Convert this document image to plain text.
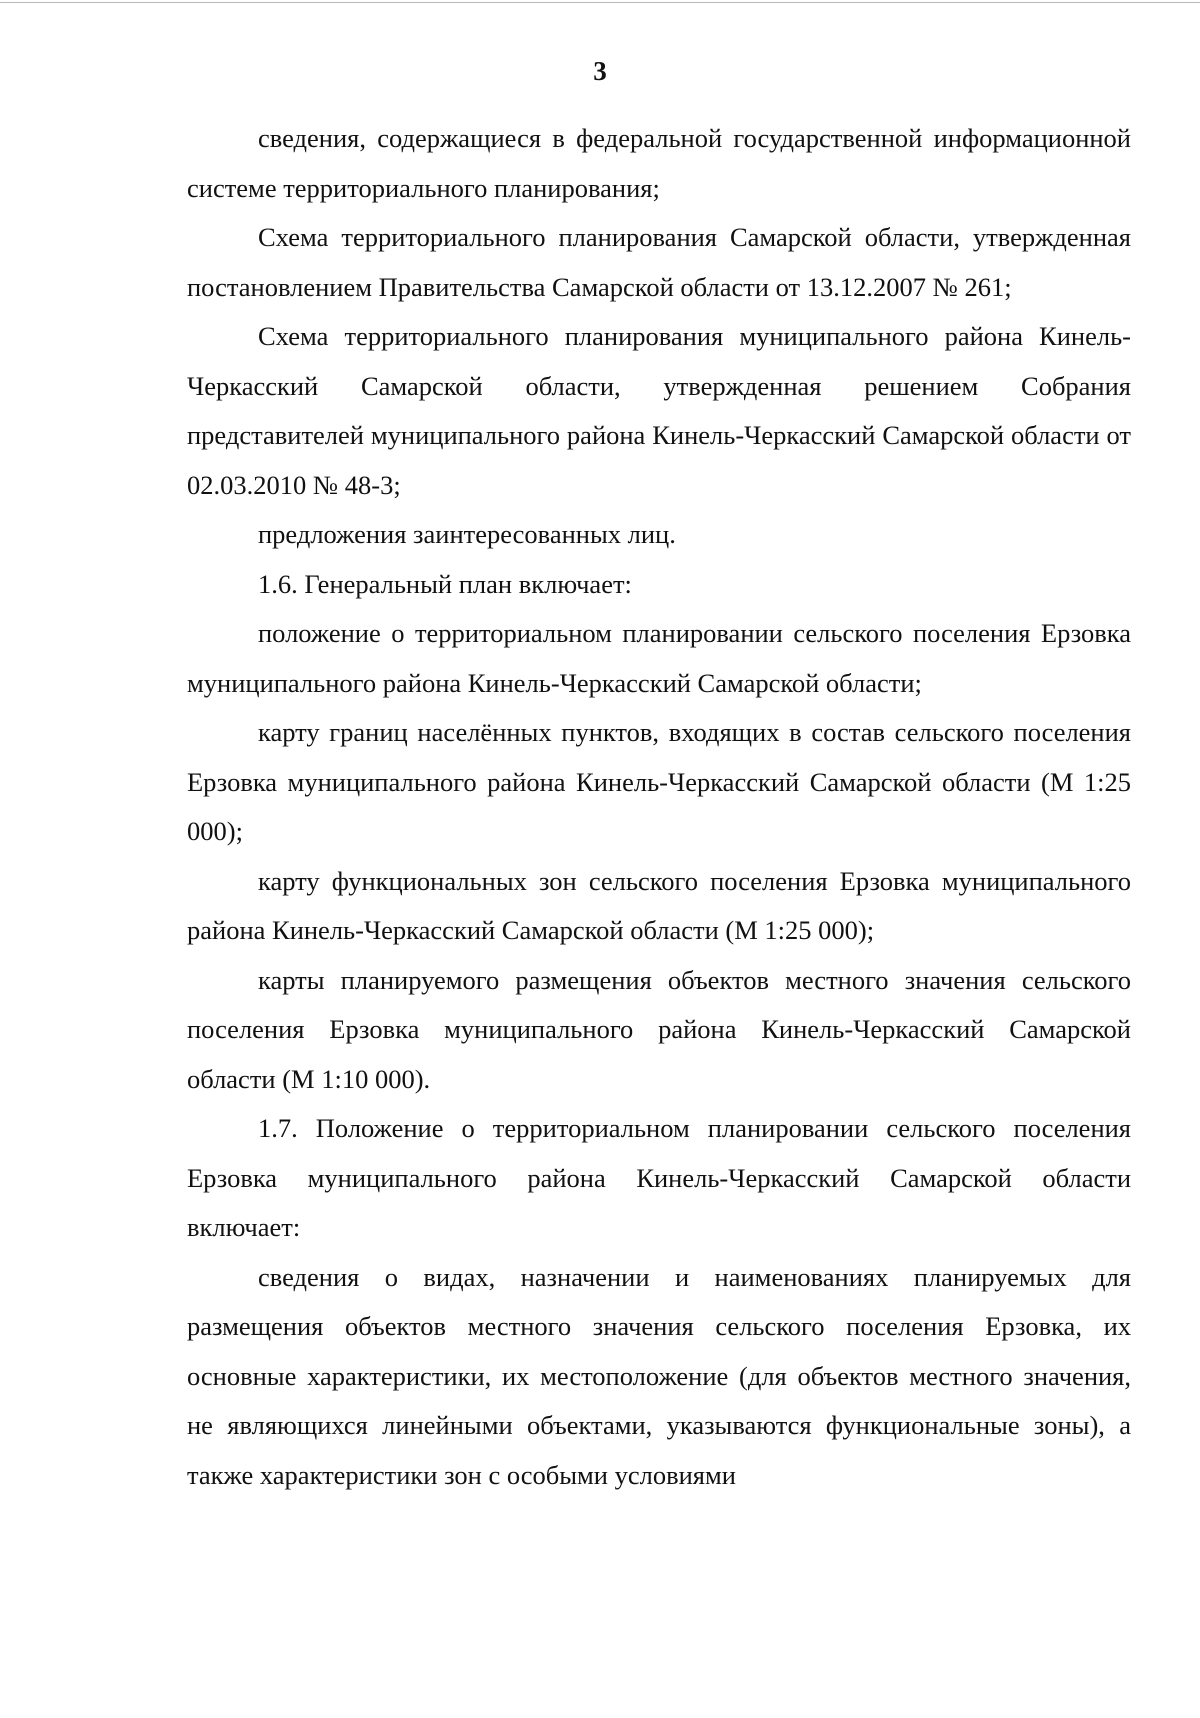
3

сведения, содержащиеся в федеральной государственной информационной системе территориального планирования;

Схема территориального планирования Самарской области, утвержденная постановлением Правительства Самарской области от 13.12.2007 № 261;

Схема территориального планирования муниципального района Кинель-Черкасский Самарской области, утвержденная решением Собрания представителей муниципального района Кинель-Черкасский Самарской области от 02.03.2010 № 48-3;

предложения заинтересованных лиц.

1.6. Генеральный план включает:

положение о территориальном планировании сельского поселения Ерзовка муниципального района Кинель-Черкасский Самарской области;

карту границ населённых пунктов, входящих в состав сельского поселения Ерзовка муниципального района Кинель-Черкасский Самарской области (М 1:25 000);

карту функциональных зон сельского поселения Ерзовка муниципального района Кинель-Черкасский Самарской области (М 1:25 000);

карты планируемого размещения объектов местного значения сельского поселения Ерзовка муниципального района Кинель-Черкасский Самарской области (М 1:10 000).

1.7. Положение о территориальном планировании сельского поселения Ерзовка муниципального района Кинель-Черкасский Самарской области включает:

сведения о видах, назначении и наименованиях планируемых для размещения объектов местного значения сельского поселения Ерзовка, их основные характеристики, их местоположение (для объектов местного значения, не являющихся линейными объектами, указываются функциональные зоны), а также характеристики зон с особыми условиями
